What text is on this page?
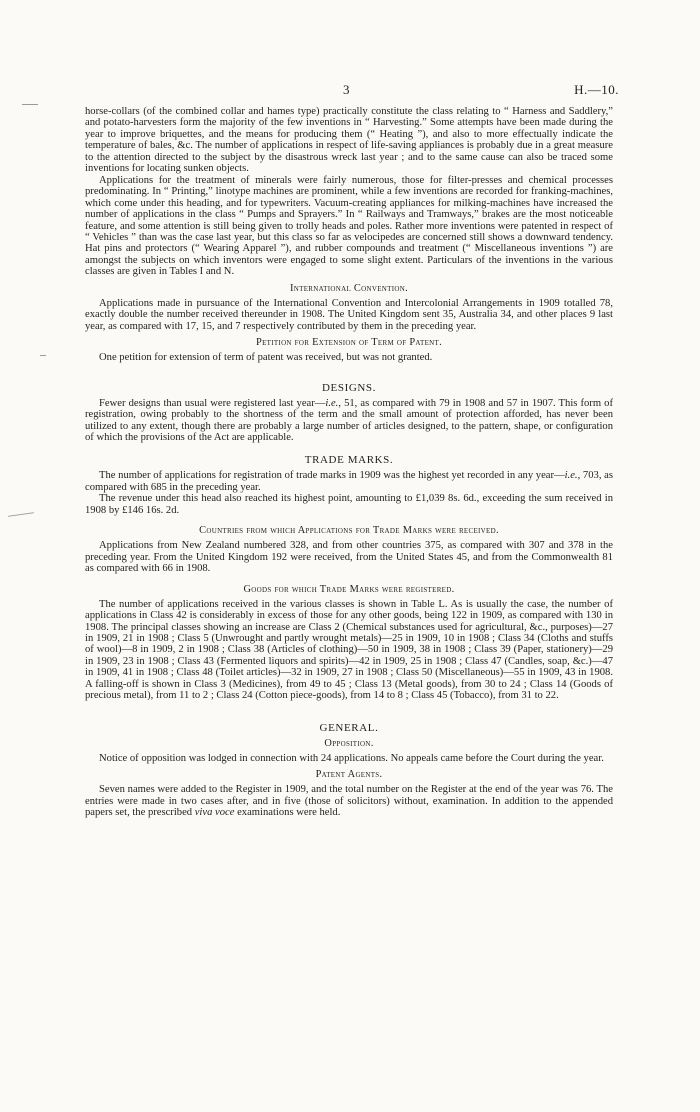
3	H.—10.

horse-collars (of the combined collar and hames type) practically constitute the class relating to “ Harness and Saddlery,” and potato-harvesters form the majority of the few inventions in “ Harvesting.” Some attempts have been made during the year to improve briquettes, and the means for producing them (“ Heating ”), and also to more effectually indicate the temperature of bales, &c. The number of applications in respect of life-saving appliances is probably due in a great measure to the attention directed to the subject by the disastrous wreck last year ; and to the same cause can also be traced some inventions for locating sunken objects.

Applications for the treatment of minerals were fairly numerous, those for filter-presses and chemical processes predominating. In “ Printing,” linotype machines are prominent, while a few inventions are recorded for franking-machines, which come under this heading, and for typewriters. Vacuum-creating appliances for milking-machines have increased the number of applications in the class “ Pumps and Sprayers.” In “ Railways and Tramways,” brakes are the most noticeable feature, and some attention is still being given to trolly heads and poles. Rather more inventions were patented in respect of “ Vehicles ” than was the case last year, but this class so far as velocipedes are concerned still shows a downward tendency. Hat pins and protectors (“ Wearing Apparel ”), and rubber compounds and treatment (“ Miscellaneous inventions ”) are amongst the subjects on which inventors were engaged to some slight extent. Particulars of the inventions in the various classes are given in Tables I and N.

International Convention.

Applications made in pursuance of the International Convention and Intercolonial Arrangements in 1909 totalled 78, exactly double the number received thereunder in 1908. The United Kingdom sent 35, Australia 34, and other places 9 last year, as compared with 17, 15, and 7 respectively contributed by them in the preceding year.

Petition for Extension of Term of Patent.

One petition for extension of term of patent was received, but was not granted.

DESIGNS.

Fewer designs than usual were registered last year—i.e., 51, as compared with 79 in 1908 and 57 in 1907. This form of registration, owing probably to the shortness of the term and the small amount of protection afforded, has never been utilized to any extent, though there are probably a large number of articles designed, to the pattern, shape, or configuration of which the provisions of the Act are applicable.

TRADE MARKS.

The number of applications for registration of trade marks in 1909 was the highest yet recorded in any year—i.e., 703, as compared with 685 in the preceding year.

The revenue under this head also reached its highest point, amounting to £1,039 8s. 6d., exceeding the sum received in 1908 by £146 16s. 2d.

Countries from which Applications for Trade Marks were received.

Applications from New Zealand numbered 328, and from other countries 375, as compared with 307 and 378 in the preceding year. From the United Kingdom 192 were received, from the United States 45, and from the Commonwealth 81 as compared with 66 in 1908.

Goods for which Trade Marks were registered.

The number of applications received in the various classes is shown in Table L. As is usually the case, the number of applications in Class 42 is considerably in excess of those for any other goods, being 122 in 1909, as compared with 130 in 1908. The principal classes showing an increase are Class 2 (Chemical substances used for agricultural, &c., purposes)—27 in 1909, 21 in 1908 ; Class 5 (Unwrought and partly wrought metals)—25 in 1909, 10 in 1908 ; Class 34 (Cloths and stuffs of wool)—8 in 1909, 2 in 1908 ; Class 38 (Articles of clothing)—50 in 1909, 38 in 1908 ; Class 39 (Paper, stationery)—29 in 1909, 23 in 1908 ; Class 43 (Fermented liquors and spirits)—42 in 1909, 25 in 1908 ; Class 47 (Candles, soap, &c.)—47 in 1909, 41 in 1908 ; Class 48 (Toilet articles)—32 in 1909, 27 in 1908 ; Class 50 (Miscellaneous)—55 in 1909, 43 in 1908. A falling-off is shown in Class 3 (Medicines), from 49 to 45 ; Class 13 (Metal goods), from 30 to 24 ; Class 14 (Goods of precious metal), from 11 to 2 ; Class 24 (Cotton piece-goods), from 14 to 8 ; Class 45 (Tobacco), from 31 to 22.

GENERAL.
Opposition.

Notice of opposition was lodged in connection with 24 applications. No appeals came before the Court during the year.

Patent Agents.

Seven names were added to the Register in 1909, and the total number on the Register at the end of the year was 76. The entries were made in two cases after, and in five (those of solicitors) without, examination. In addition to the appended papers set, the prescribed viva voce examinations were held.
